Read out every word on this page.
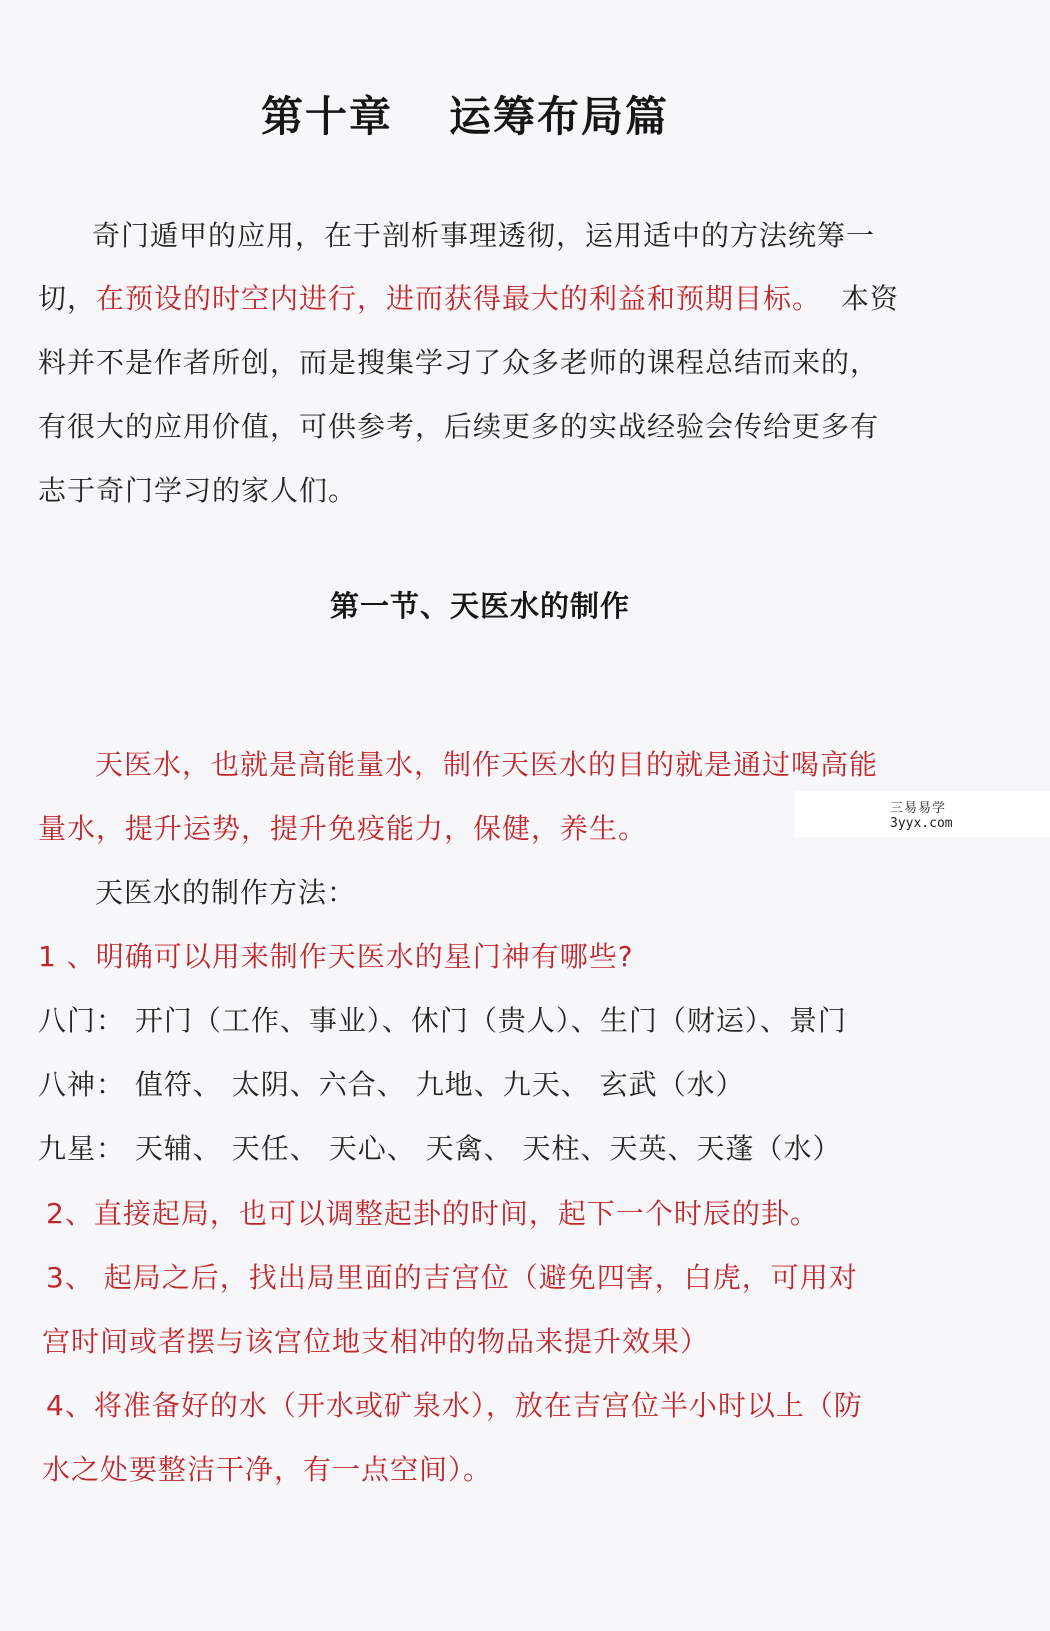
第十章 运筹布局篇
奇门遁甲的应用，在于剖析事理透彻，运用适中的方法统筹一
切，在预设的时空内进行，进而获得最大的利益和预期目标。 本资
料并不是作者所创，而是搜集学习了众多老师的课程总结而来的，
有很大的应用价值，可供参考，后续更多的实战经验会传给更多有
志于奇门学习的家人们。
第一节、天医水的制作
天医水，也就是高能量水，制作天医水的目的就是通过喝高能
量水，提升运势，提升免疫能力，保健，养生。
天医水的制作方法：
1 、明确可以用来制作天医水的星门神有哪些?
八门： 开门（工作、事业）、休门（贵人）、生门（财运）、景门
八神： 值符、 太阴、六合、 九地、九天、 玄武（水）
九星： 天辅、 天任、 天心、 天禽、 天柱、天英、天蓬（水）
2、直接起局，也可以调整起卦的时间，起下一个时辰的卦。
3、 起局之后，找出局里面的吉宫位（避免四害，白虎，可用对
宫时间或者摆与该宫位地支相冲的物品来提升效果）
4、将准备好的水（开水或矿泉水），放在吉宫位半小时以上（防
水之处要整洁干净，有一点空间）。
三易易学
3yyx.com
